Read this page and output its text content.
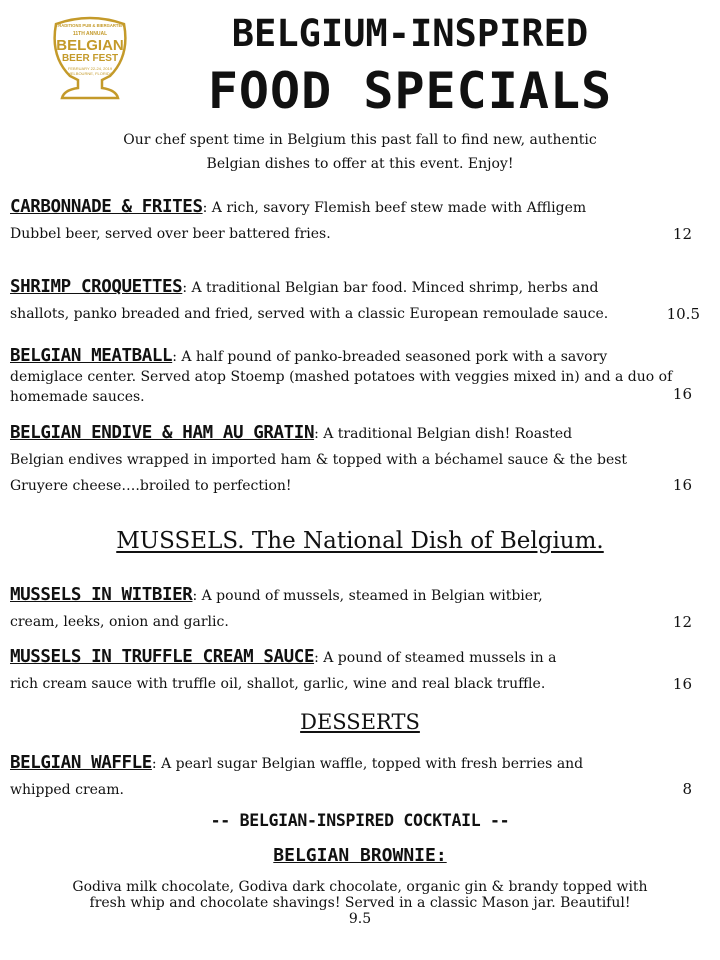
TRADITIONS PUB & BIERGARTEN
11TH ANNUAL
BELGIAN
BEER FEST
FEBRUARY 22-24, 2019
MELBOURNE, FLORIDA
BELGIUM-INSPIRED
FOOD SPECIALS
Our chef spent time in Belgium this past fall to find new, authentic
Belgian dishes to offer at this event. Enjoy!
CARBONNADE & FRITES: A rich, savory Flemish beef stew made with Affligem
Dubbel beer, served over beer battered fries.	12
SHRIMP CROQUETTES: A traditional Belgian bar food. Minced shrimp, herbs and
shallots, panko breaded and fried, served with a classic European remoulade sauce.	10.5
BELGIAN MEATBALL: A half pound of panko-breaded seasoned pork with a savory
demiglace center. Served atop Stoemp (mashed potatoes with veggies mixed in) and a duo of
homemade sauces.	16
BELGIAN ENDIVE & HAM AU GRATIN: A traditional Belgian dish! Roasted
Belgian endives wrapped in imported ham & topped with a béchamel sauce & the best
Gruyere cheese….broiled to perfection!	16
MUSSELS. The National Dish of Belgium.
MUSSELS IN WITBIER: A pound of mussels, steamed in Belgian witbier,
cream, leeks, onion and garlic.	12
MUSSELS IN TRUFFLE CREAM SAUCE: A pound of steamed mussels in a
rich cream sauce with truffle oil, shallot, garlic, wine and real black truffle.	16
DESSERTS
BELGIAN WAFFLE: A pearl sugar Belgian waffle, topped with fresh berries and
whipped cream.	8
-- BELGIAN-INSPIRED COCKTAIL --
BELGIAN BROWNIE:
Godiva milk chocolate, Godiva dark chocolate, organic gin & brandy topped with
fresh whip and chocolate shavings! Served in a classic Mason jar. Beautiful!
9.5
